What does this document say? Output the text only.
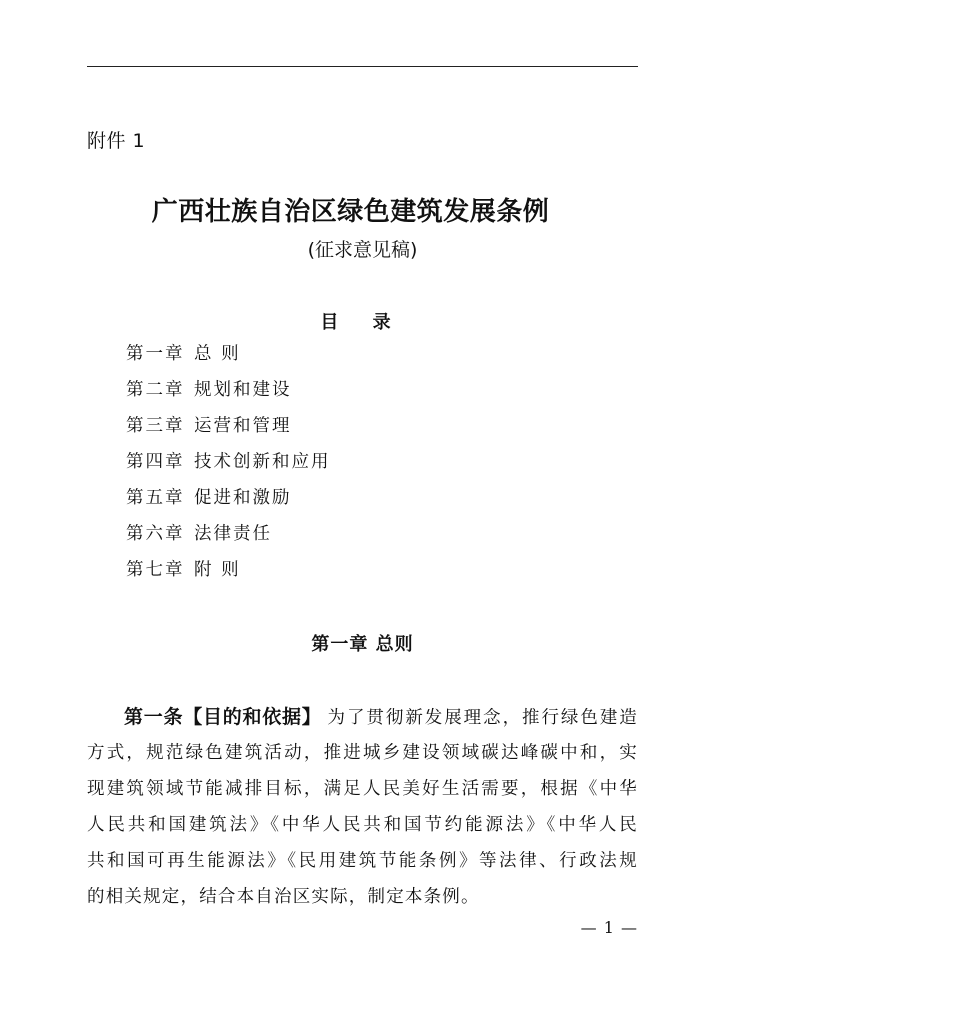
附件 1
广西壮族自治区绿色建筑发展条例
(征求意见稿)
目 录
第一章 总 则
第二章 规划和建设
第三章 运营和管理
第四章 技术创新和应用
第五章 促进和激励
第六章 法律责任
第七章 附 则
第一章 总则
第一条【目的和依据】 为了贯彻新发展理念，推行绿色建造
方式，规范绿色建筑活动，推进城乡建设领域碳达峰碳中和，实
现建筑领域节能减排目标，满足人民美好生活需要，根据《中华
人民共和国建筑法》《中华人民共和国节约能源法》《中华人民
共和国可再生能源法》《民用建筑节能条例》等法律、行政法规
的相关规定，结合本自治区实际，制定本条例。
— 1 —
